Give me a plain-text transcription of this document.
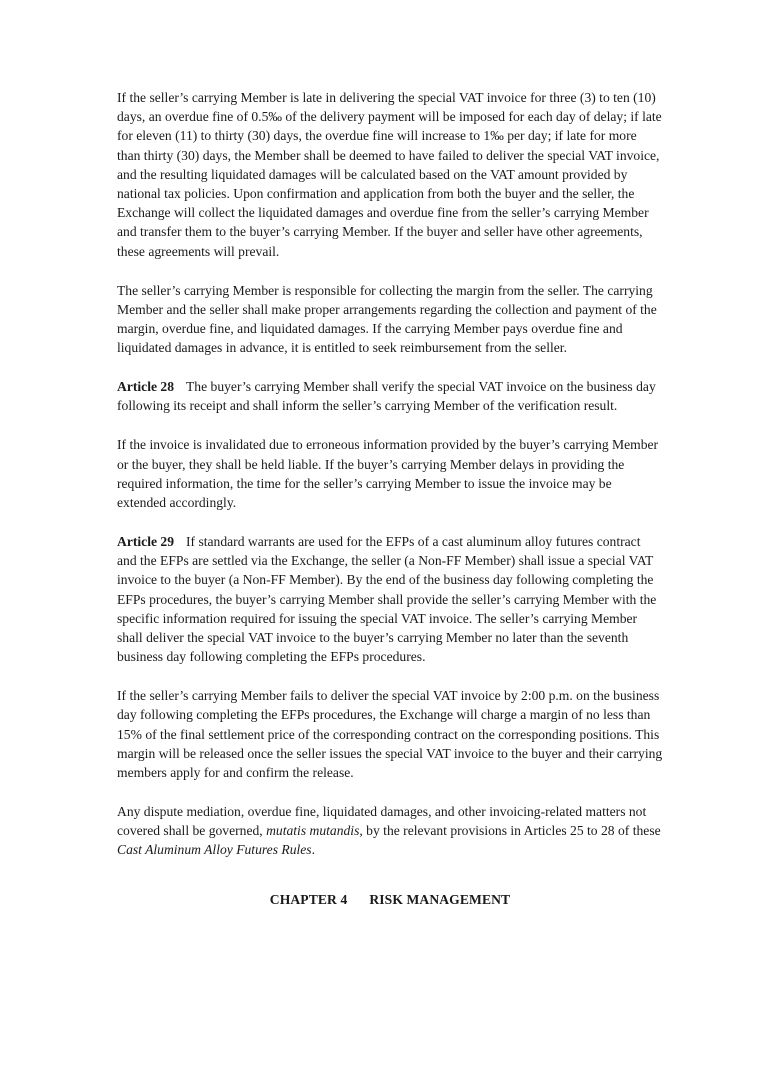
If the seller’s carrying Member is late in delivering the special VAT invoice for three (3) to ten (10) days, an overdue fine of 0.5‰ of the delivery payment will be imposed for each day of delay; if late for eleven (11) to thirty (30) days, the overdue fine will increase to 1‰ per day; if late for more than thirty (30) days, the Member shall be deemed to have failed to deliver the special VAT invoice, and the resulting liquidated damages will be calculated based on the VAT amount provided by national tax policies. Upon confirmation and application from both the buyer and the seller, the Exchange will collect the liquidated damages and overdue fine from the seller’s carrying Member and transfer them to the buyer’s carrying Member. If the buyer and seller have other agreements, these agreements will prevail.

The seller’s carrying Member is responsible for collecting the margin from the seller. The carrying Member and the seller shall make proper arrangements regarding the collection and payment of the margin, overdue fine, and liquidated damages. If the carrying Member pays overdue fine and liquidated damages in advance, it is entitled to seek reimbursement from the seller.

Article 28 The buyer’s carrying Member shall verify the special VAT invoice on the business day following its receipt and shall inform the seller’s carrying Member of the verification result.

If the invoice is invalidated due to erroneous information provided by the buyer’s carrying Member or the buyer, they shall be held liable. If the buyer’s carrying Member delays in providing the required information, the time for the seller’s carrying Member to issue the invoice may be extended accordingly.

Article 29 If standard warrants are used for the EFPs of a cast aluminum alloy futures contract and the EFPs are settled via the Exchange, the seller (a Non-FF Member) shall issue a special VAT invoice to the buyer (a Non-FF Member). By the end of the business day following completing the EFPs procedures, the buyer’s carrying Member shall provide the seller’s carrying Member with the specific information required for issuing the special VAT invoice. The seller’s carrying Member shall deliver the special VAT invoice to the buyer’s carrying Member no later than the seventh business day following completing the EFPs procedures.

If the seller’s carrying Member fails to deliver the special VAT invoice by 2:00 p.m. on the business day following completing the EFPs procedures, the Exchange will charge a margin of no less than 15% of the final settlement price of the corresponding contract on the corresponding positions. This margin will be released once the seller issues the special VAT invoice to the buyer and their carrying members apply for and confirm the release.

Any dispute mediation, overdue fine, liquidated damages, and other invoicing-related matters not covered shall be governed, mutatis mutandis, by the relevant provisions in Articles 25 to 28 of these Cast Aluminum Alloy Futures Rules.

CHAPTER 4 RISK MANAGEMENT
